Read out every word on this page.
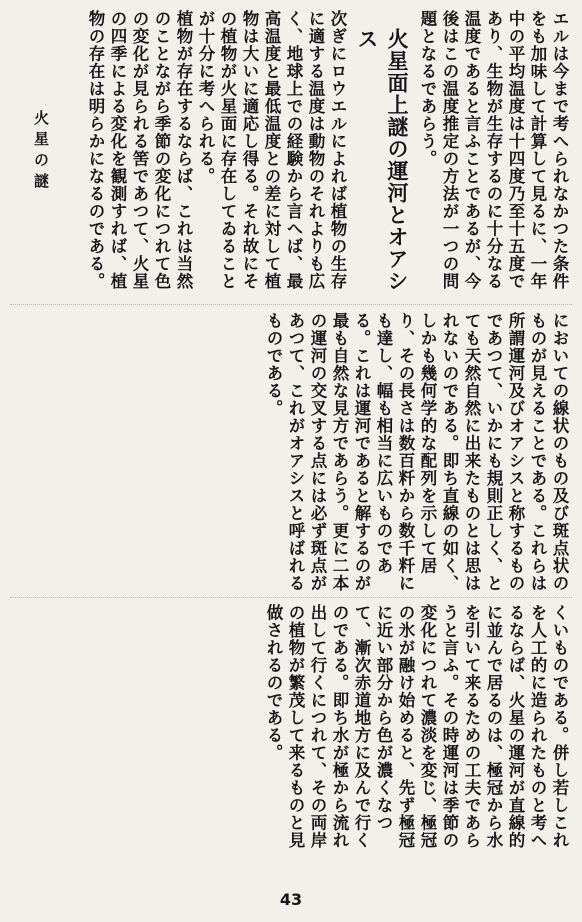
エルは今まで考へられなかつた条件をも加味して計算して見るに、一年中の平均温度は十四度乃至十五度であり、生物が生存するのに十分なる温度であると言ふことであるが、今後はこの温度推定の方法が一つの問題となるであらう。

火星面上謎の運河とオアシス

次ぎにロウエルによれば植物の生存に適する温度は動物のそれよりも広く、地球上での経験から言へば、最高温度と最低温度との差に対して植物は大いに適応し得る。それ故にその植物が火星面に存在してゐることが十分に考へられる。

植物が存在するならば、これは当然のことながら季節の変化につれて色の変化が見られる筈であつて、火星の四季による変化を観測すれば、植物の存在は明らかになるのである。

火星の謎

においての線状のもの及び斑点状のものが見えることである。これらは所謂運河及びオアシスと称するものであつて、いかにも規則正しく、とても天然自然に出来たものとは思はれないのである。即ち直線の如く、しかも幾何学的な配列を示して居り、その長さは数百粁から数千粁にも達し、幅も相当に広いものである。これは運河であると解するのが最も自然な見方であらう。更に二本の運河の交叉する点には必ず斑点があつて、これがオアシスと呼ばれるものである。

くいものである。併し若しこれを人工的に造られたものと考へるならば、火星の運河が直線的に並んで居るのは、極冠から水を引いて来るための工夫であらうと言ふ。その時運河は季節の変化につれて濃淡を変じ、極冠の氷が融け始めると、先ず極冠に近い部分から色が濃くなつて、漸次赤道地方に及んで行くのである。即ち水が極から流れ出して行くにつれて、その両岸の植物が繁茂して来るものと見做されるのである。

43
